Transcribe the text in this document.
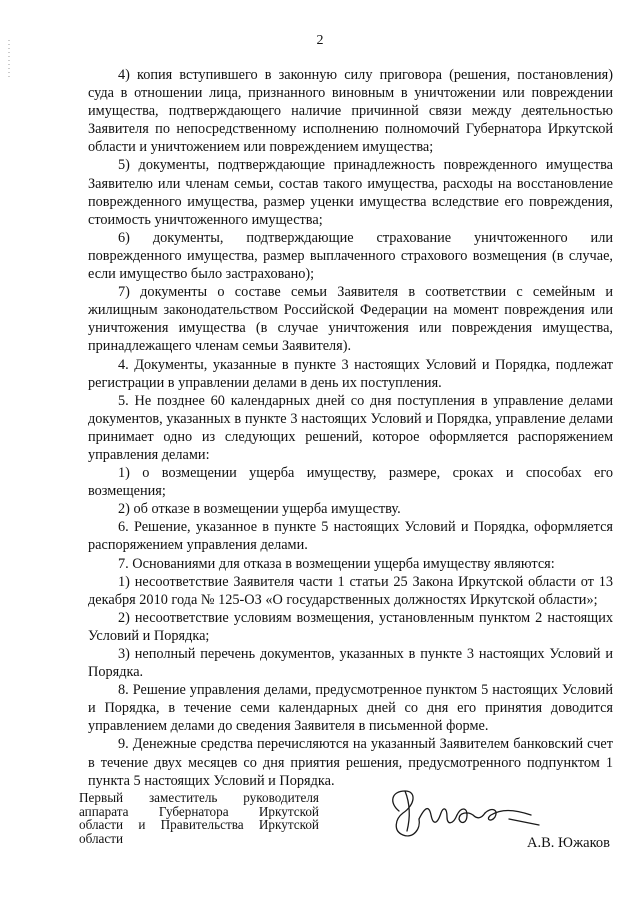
2

4) копия вступившего в законную силу приговора (решения, постановления) суда в отношении лица, признанного виновным в уничтожении или повреждении имущества, подтверждающего наличие причинной связи между деятельностью Заявителя по непосредственному исполнению полномочий Губернатора Иркутской области и уничтожением или повреждением имущества;

5) документы, подтверждающие принадлежность поврежденного имущества Заявителю или членам семьи, состав такого имущества, расходы на восстановление поврежденного имущества, размер уценки имущества вследствие его повреждения, стоимость уничтоженного имущества;

6) документы, подтверждающие страхование уничтоженного или поврежденного имущества, размер выплаченного страхового возмещения (в случае, если имущество было застраховано);

7) документы о составе семьи Заявителя в соответствии с семейным и жилищным законодательством Российской Федерации на момент повреждения или уничтожения имущества (в случае уничтожения или повреждения имущества, принадлежащего членам семьи Заявителя).

4. Документы, указанные в пункте 3 настоящих Условий и Порядка, подлежат регистрации в управлении делами в день их поступления.

5. Не позднее 60 календарных дней со дня поступления в управление делами документов, указанных в пункте 3 настоящих Условий и Порядка, управление делами принимает одно из следующих решений, которое оформляется распоряжением управления делами:

1) о возмещении ущерба имуществу, размере, сроках и способах его возмещения;

2) об отказе в возмещении ущерба имуществу.

6. Решение, указанное в пункте 5 настоящих Условий и Порядка, оформляется распоряжением управления делами.

7. Основаниями для отказа в возмещении ущерба имуществу являются:

1) несоответствие Заявителя части 1 статьи 25 Закона Иркутской области от 13 декабря 2010 года № 125-ОЗ «О государственных должностях Иркутской области»;

2) несоответствие условиям возмещения, установленным пунктом 2 настоящих Условий и Порядка;

3) неполный перечень документов, указанных в пункте 3 настоящих Условий и Порядка.

8. Решение управления делами, предусмотренное пунктом 5 настоящих Условий и Порядка, в течение семи календарных дней со дня его принятия доводится управлением делами до сведения Заявителя в письменной форме.

9. Денежные средства перечисляются на указанный Заявителем банковский счет в течение двух месяцев со дня приятия решения, предусмотренного подпунктом 1 пункта 5 настоящих Условий и Порядка.

Первый заместитель руководителя
аппарата Губернатора Иркутской
области и Правительства Иркутской
области	А.В. Южаков
